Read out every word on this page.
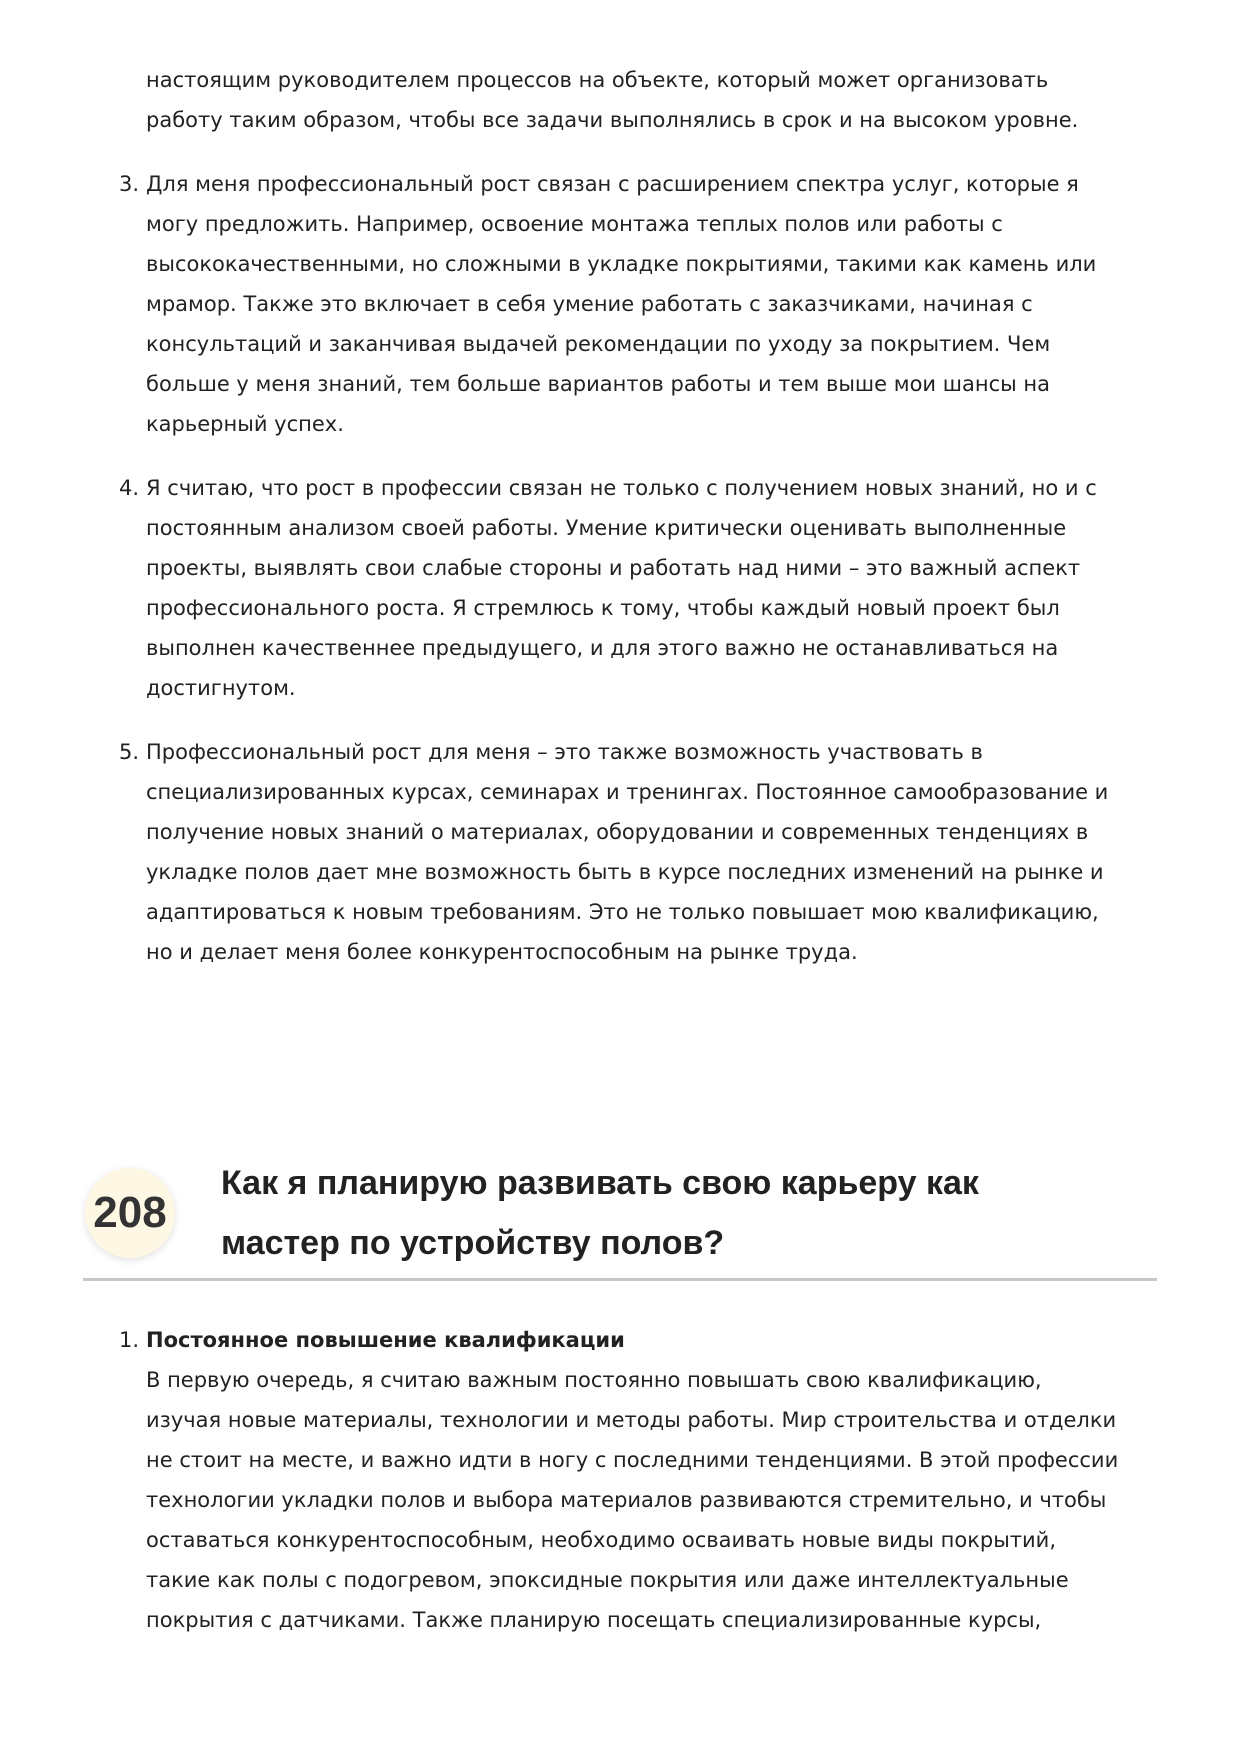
настоящим руководителем процессов на объекте, который может организовать
работу таким образом, чтобы все задачи выполнялись в срок и на высоком уровне.
3. Для меня профессиональный рост связан с расширением спектра услуг, которые я
могу предложить. Например, освоение монтажа теплых полов или работы с
высококачественными, но сложными в укладке покрытиями, такими как камень или
мрамор. Также это включает в себя умение работать с заказчиками, начиная с
консультаций и заканчивая выдачей рекомендации по уходу за покрытием. Чем
больше у меня знаний, тем больше вариантов работы и тем выше мои шансы на
карьерный успех.
4. Я считаю, что рост в профессии связан не только с получением новых знаний, но и с
постоянным анализом своей работы. Умение критически оценивать выполненные
проекты, выявлять свои слабые стороны и работать над ними – это важный аспект
профессионального роста. Я стремлюсь к тому, чтобы каждый новый проект был
выполнен качественнее предыдущего, и для этого важно не останавливаться на
достигнутом.
5. Профессиональный рост для меня – это также возможность участвовать в
специализированных курсах, семинарах и тренингах. Постоянное самообразование и
получение новых знаний о материалах, оборудовании и современных тенденциях в
укладке полов дает мне возможность быть в курсе последних изменений на рынке и
адаптироваться к новым требованиям. Это не только повышает мою квалификацию,
но и делает меня более конкурентоспособным на рынке труда.
208
Как я планирую развивать свою карьеру как
мастер по устройству полов?
1. Постоянное повышение квалификации
В первую очередь, я считаю важным постоянно повышать свою квалификацию,
изучая новые материалы, технологии и методы работы. Мир строительства и отделки
не стоит на месте, и важно идти в ногу с последними тенденциями. В этой профессии
технологии укладки полов и выбора материалов развиваются стремительно, и чтобы
оставаться конкурентоспособным, необходимо осваивать новые виды покрытий,
такие как полы с подогревом, эпоксидные покрытия или даже интеллектуальные
покрытия с датчиками. Также планирую посещать специализированные курсы,
